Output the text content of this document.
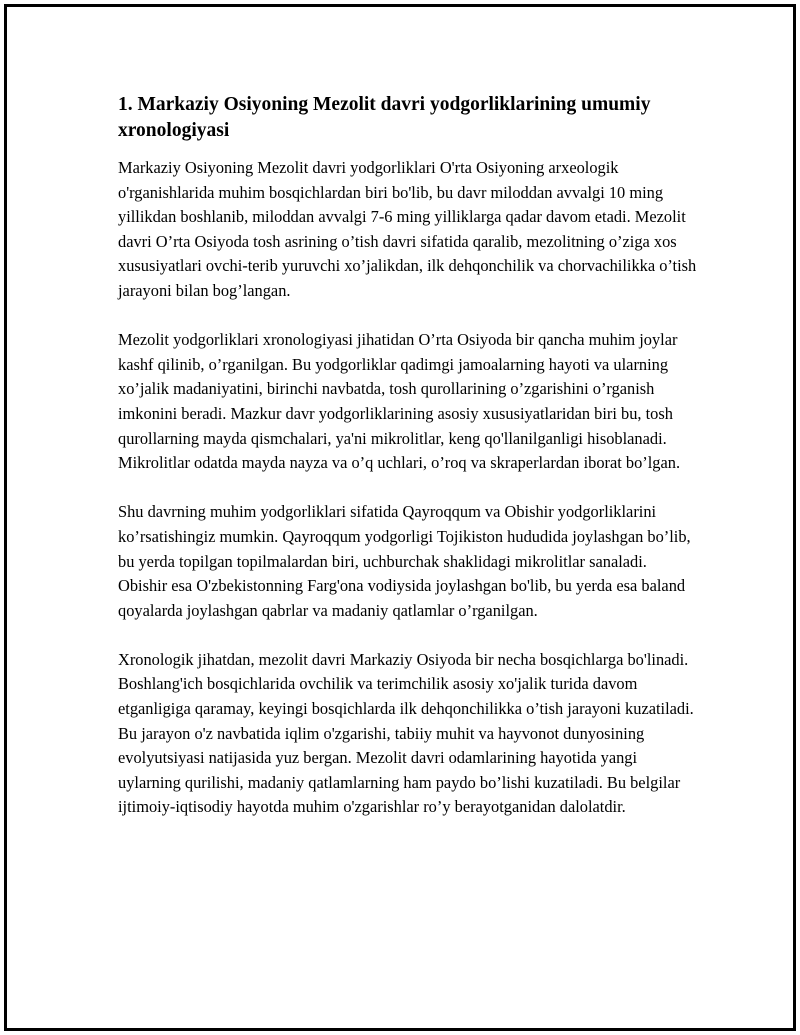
1. Markaziy Osiyoning Mezolit davri yodgorliklarining umumiy xronologiyasi

Markaziy Osiyoning Mezolit davri yodgorliklari O'rta Osiyoning arxeologik o'rganishlarida muhim bosqichlardan biri bo'lib, bu davr miloddan avvalgi 10 ming yillikdan boshlanib, miloddan avvalgi 7-6 ming yilliklarga qadar davom etadi. Mezolit davri O’rta Osiyoda tosh asrining o’tish davri sifatida qaralib, mezolitning o’ziga xos xususiyatlari ovchi-terib yuruvchi xo’jalikdan, ilk dehqonchilik va chorvachilikka o’tish jarayoni bilan bog’langan.

Mezolit yodgorliklari xronologiyasi jihatidan O’rta Osiyoda bir qancha muhim joylar kashf qilinib, o’rganilgan. Bu yodgorliklar qadimgi jamoalarning hayoti va ularning xo’jalik madaniyatini, birinchi navbatda, tosh qurollarining o’zgarishini o’rganish imkonini beradi. Mazkur davr yodgorliklarining asosiy xususiyatlaridan biri bu, tosh qurollarning mayda qismchalari, ya'ni mikrolitlar, keng qo'llanilganligi hisoblanadi. Mikrolitlar odatda mayda nayza va o’q uchlari, o’roq va skraperlardan iborat bo’lgan.

Shu davrning muhim yodgorliklari sifatida Qayroqqum va Obishir yodgorliklarini ko’rsatishingiz mumkin. Qayroqqum yodgorligi Tojikiston hududida joylashgan bo’lib, bu yerda topilgan topilmalardan biri, uchburchak shaklidagi mikrolitlar sanaladi. Obishir esa O'zbekistonning Farg'ona vodiysida joylashgan bo'lib, bu yerda esa baland qoyalarda joylashgan qabrlar va madaniy qatlamlar o’rganilgan.

Xronologik jihatdan, mezolit davri Markaziy Osiyoda bir necha bosqichlarga bo'linadi. Boshlang'ich bosqichlarida ovchilik va terimchilik asosiy xo'jalik turida davom etganligiga qaramay, keyingi bosqichlarda ilk dehqonchilikka o’tish jarayoni kuzatiladi. Bu jarayon o'z navbatida iqlim o'zgarishi, tabiiy muhit va hayvonot dunyosining evolyutsiyasi natijasida yuz bergan. Mezolit davri odamlarining hayotida yangi uylarning qurilishi, madaniy qatlamlarning ham paydo bo’lishi kuzatiladi. Bu belgilar ijtimoiy-iqtisodiy hayotda muhim o'zgarishlar ro’y berayotganidan dalolatdir.
